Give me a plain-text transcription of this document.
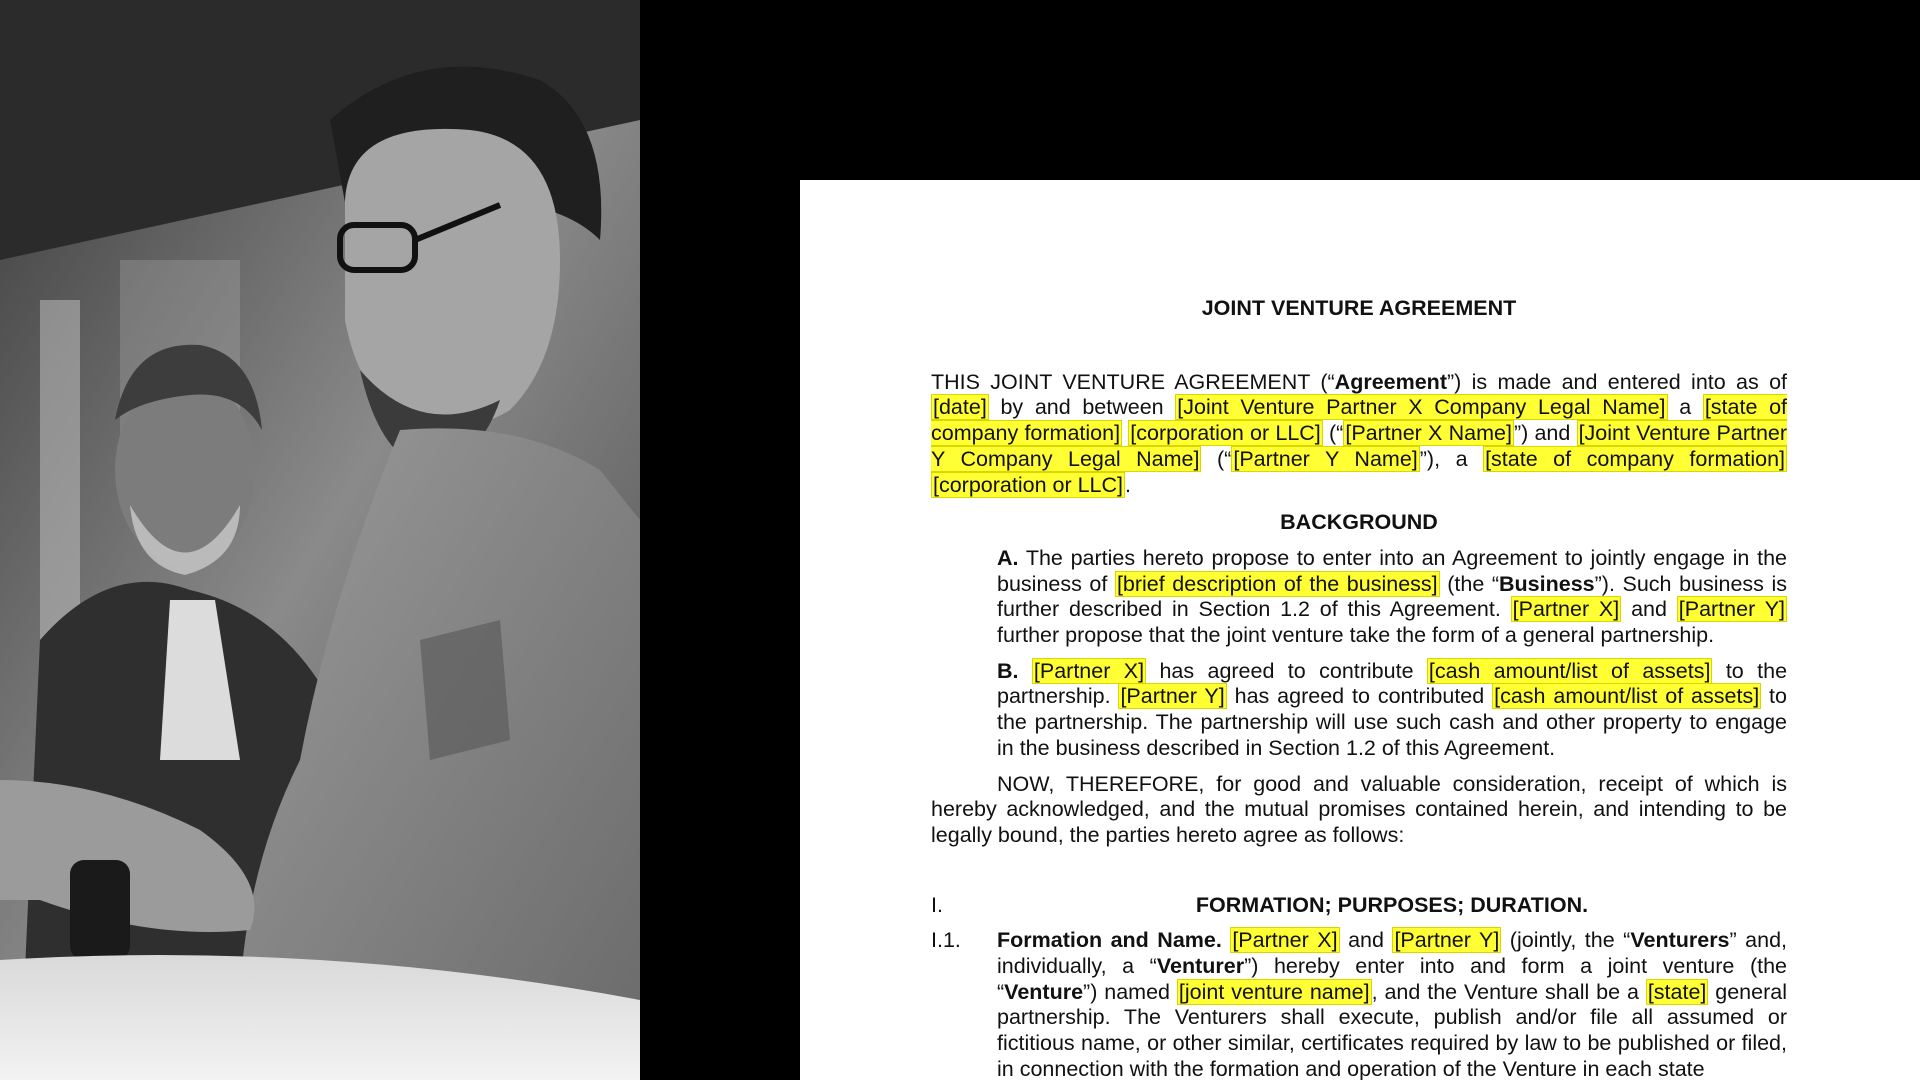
JOINT VENTURE AGREEMENT

THIS JOINT VENTURE AGREEMENT (“Agreement”) is made and entered into as of [date] by and between [Joint Venture Partner X Company Legal Name] a [state of company formation] [corporation or LLC] (“[Partner X Name]”) and [Joint Venture Partner Y Company Legal Name] (“[Partner Y Name]”), a [state of company formation] [corporation or LLC].

BACKGROUND

A. The parties hereto propose to enter into an Agreement to jointly engage in the business of [brief description of the business] (the “Business”). Such business is further described in Section 1.2 of this Agreement. [Partner X] and [Partner Y] further propose that the joint venture take the form of a general partnership.

B. [Partner X] has agreed to contribute [cash amount/list of assets] to the partnership. [Partner Y] has agreed to contributed [cash amount/list of assets] to the partnership. The partnership will use such cash and other property to engage in the business described in Section 1.2 of this Agreement.

NOW, THEREFORE, for good and valuable consideration, receipt of which is hereby acknowledged, and the mutual promises contained herein, and intending to be legally bound, the parties hereto agree as follows:

I.	FORMATION; PURPOSES; DURATION.
I.1.	Formation and Name. [Partner X] and [Partner Y] (jointly, the “Venturers” and, individually, a “Venturer”) hereby enter into and form a joint venture (the “Venture”) named [joint venture name], and the Venture shall be a [state] general partnership. The Venturers shall execute, publish and/or file all assumed or fictitious name, or other similar, certificates required by law to be published or filed, in connection with the formation and operation of the Venture in each state
